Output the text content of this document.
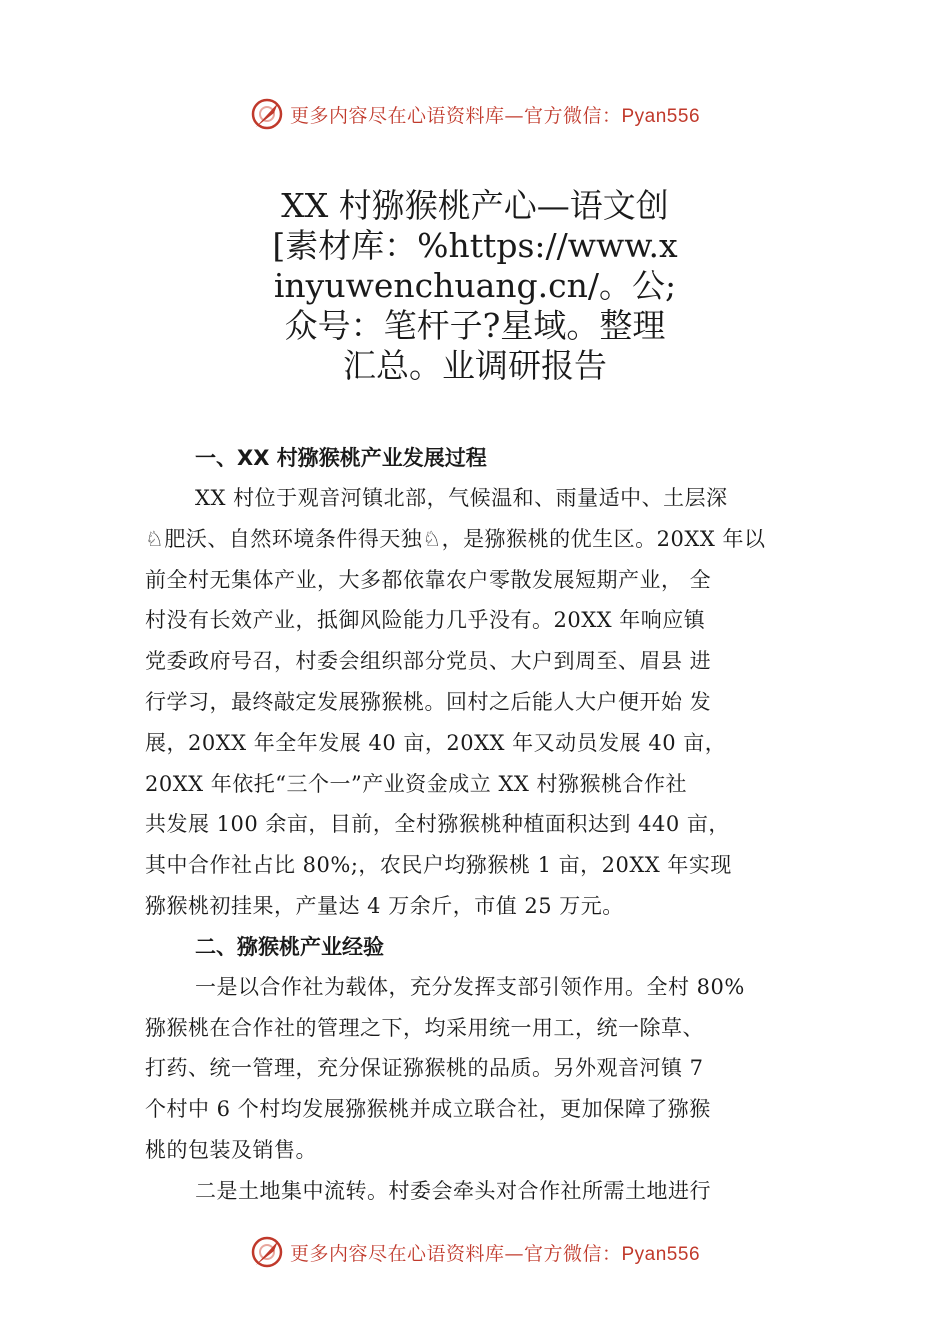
更多内容尽在心语资料库—官方微信：Pyan556
XX 村猕猴桃产心—语文创
[素材库：%https://www.x
inyuwenchuang.cn/。公;
众号：笔杆子?星域。整理
汇总。业调研报告
一、XX 村猕猴桃产业发展过程

XX 村位于观音河镇北部，气候温和、雨量适中、土层深
♘肥沃、自然环境条件得天独♘，是猕猴桃的优生区。20XX 年以
前全村无集体产业，大多都依靠农户零散发展短期产业， 全
村没有长效产业，抵御风险能力几乎没有。20XX 年响应镇
党委政府号召，村委会组织部分党员、大户到周至、眉县 进
行学习，最终敲定发展猕猴桃。回村之后能人大户便开始 发
展，20XX 年全年发展 40 亩，20XX 年又动员发展 40 亩，
20XX 年依托“三个一”产业资金成立 XX 村猕猴桃合作社
共发展 100 余亩，目前，全村猕猴桃种植面积达到 440 亩，
其中合作社占比 80%;，农民户均猕猴桃 1 亩，20XX 年实现
猕猴桃初挂果，产量达 4 万余斤，市值 25 万元。

二、猕猴桃产业经验

一是以合作社为载体，充分发挥支部引领作用。全村 80%
猕猴桃在合作社的管理之下，均采用统一用工，统一除草、
打药、统一管理，充分保证猕猴桃的品质。另外观音河镇 7
个村中 6 个村均发展猕猴桃并成立联合社，更加保障了猕猴
桃的包装及销售。

二是土地集中流转。村委会牵头对合作社所需土地进行

更多内容尽在心语资料库—官方微信：Pyan556
